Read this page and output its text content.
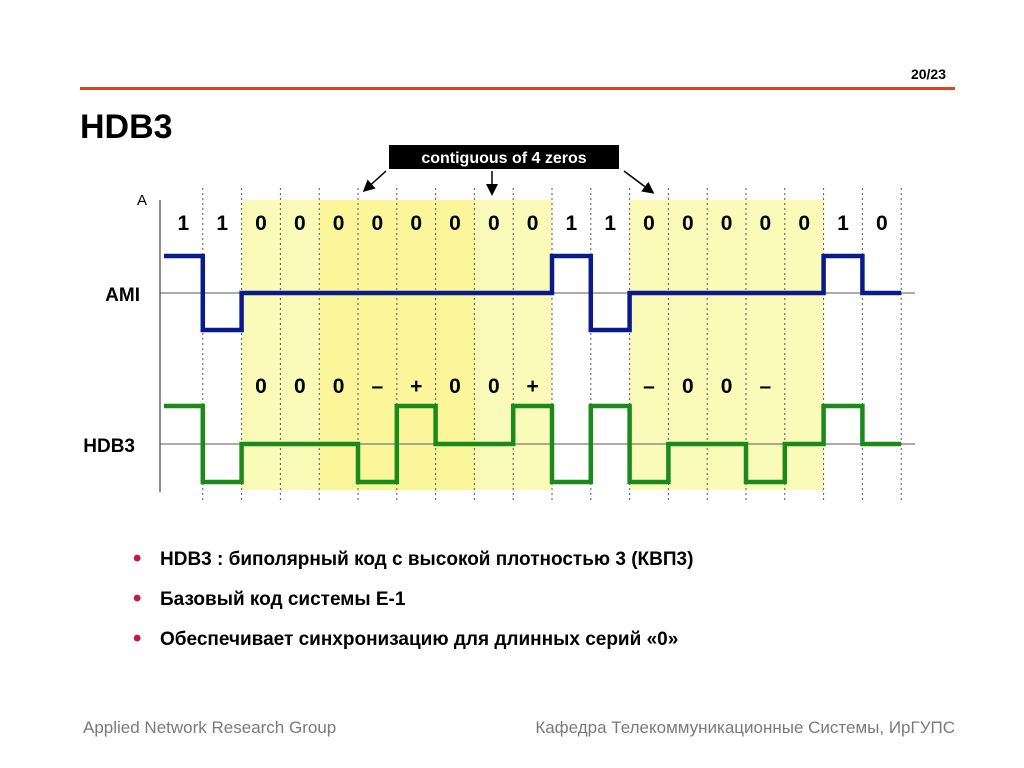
20/23
HDB3
1 1 0 0 0 0 0 0 0 0 1 1 0 0 0 0 0 1 0
0 0 0 – + 0 0 +	– 0 0 –
AMI
HDB3
contiguous of 4 zeros
A
• HDB3 : биполярный код с высокой плотностью 3 (КВП3)
• Базовый код системы Е-1
• Обеспечивает синхронизацию для длинных серий «0»
Applied Network Research Group	Кафедра Телекоммуникационные Системы, ИрГУПС
